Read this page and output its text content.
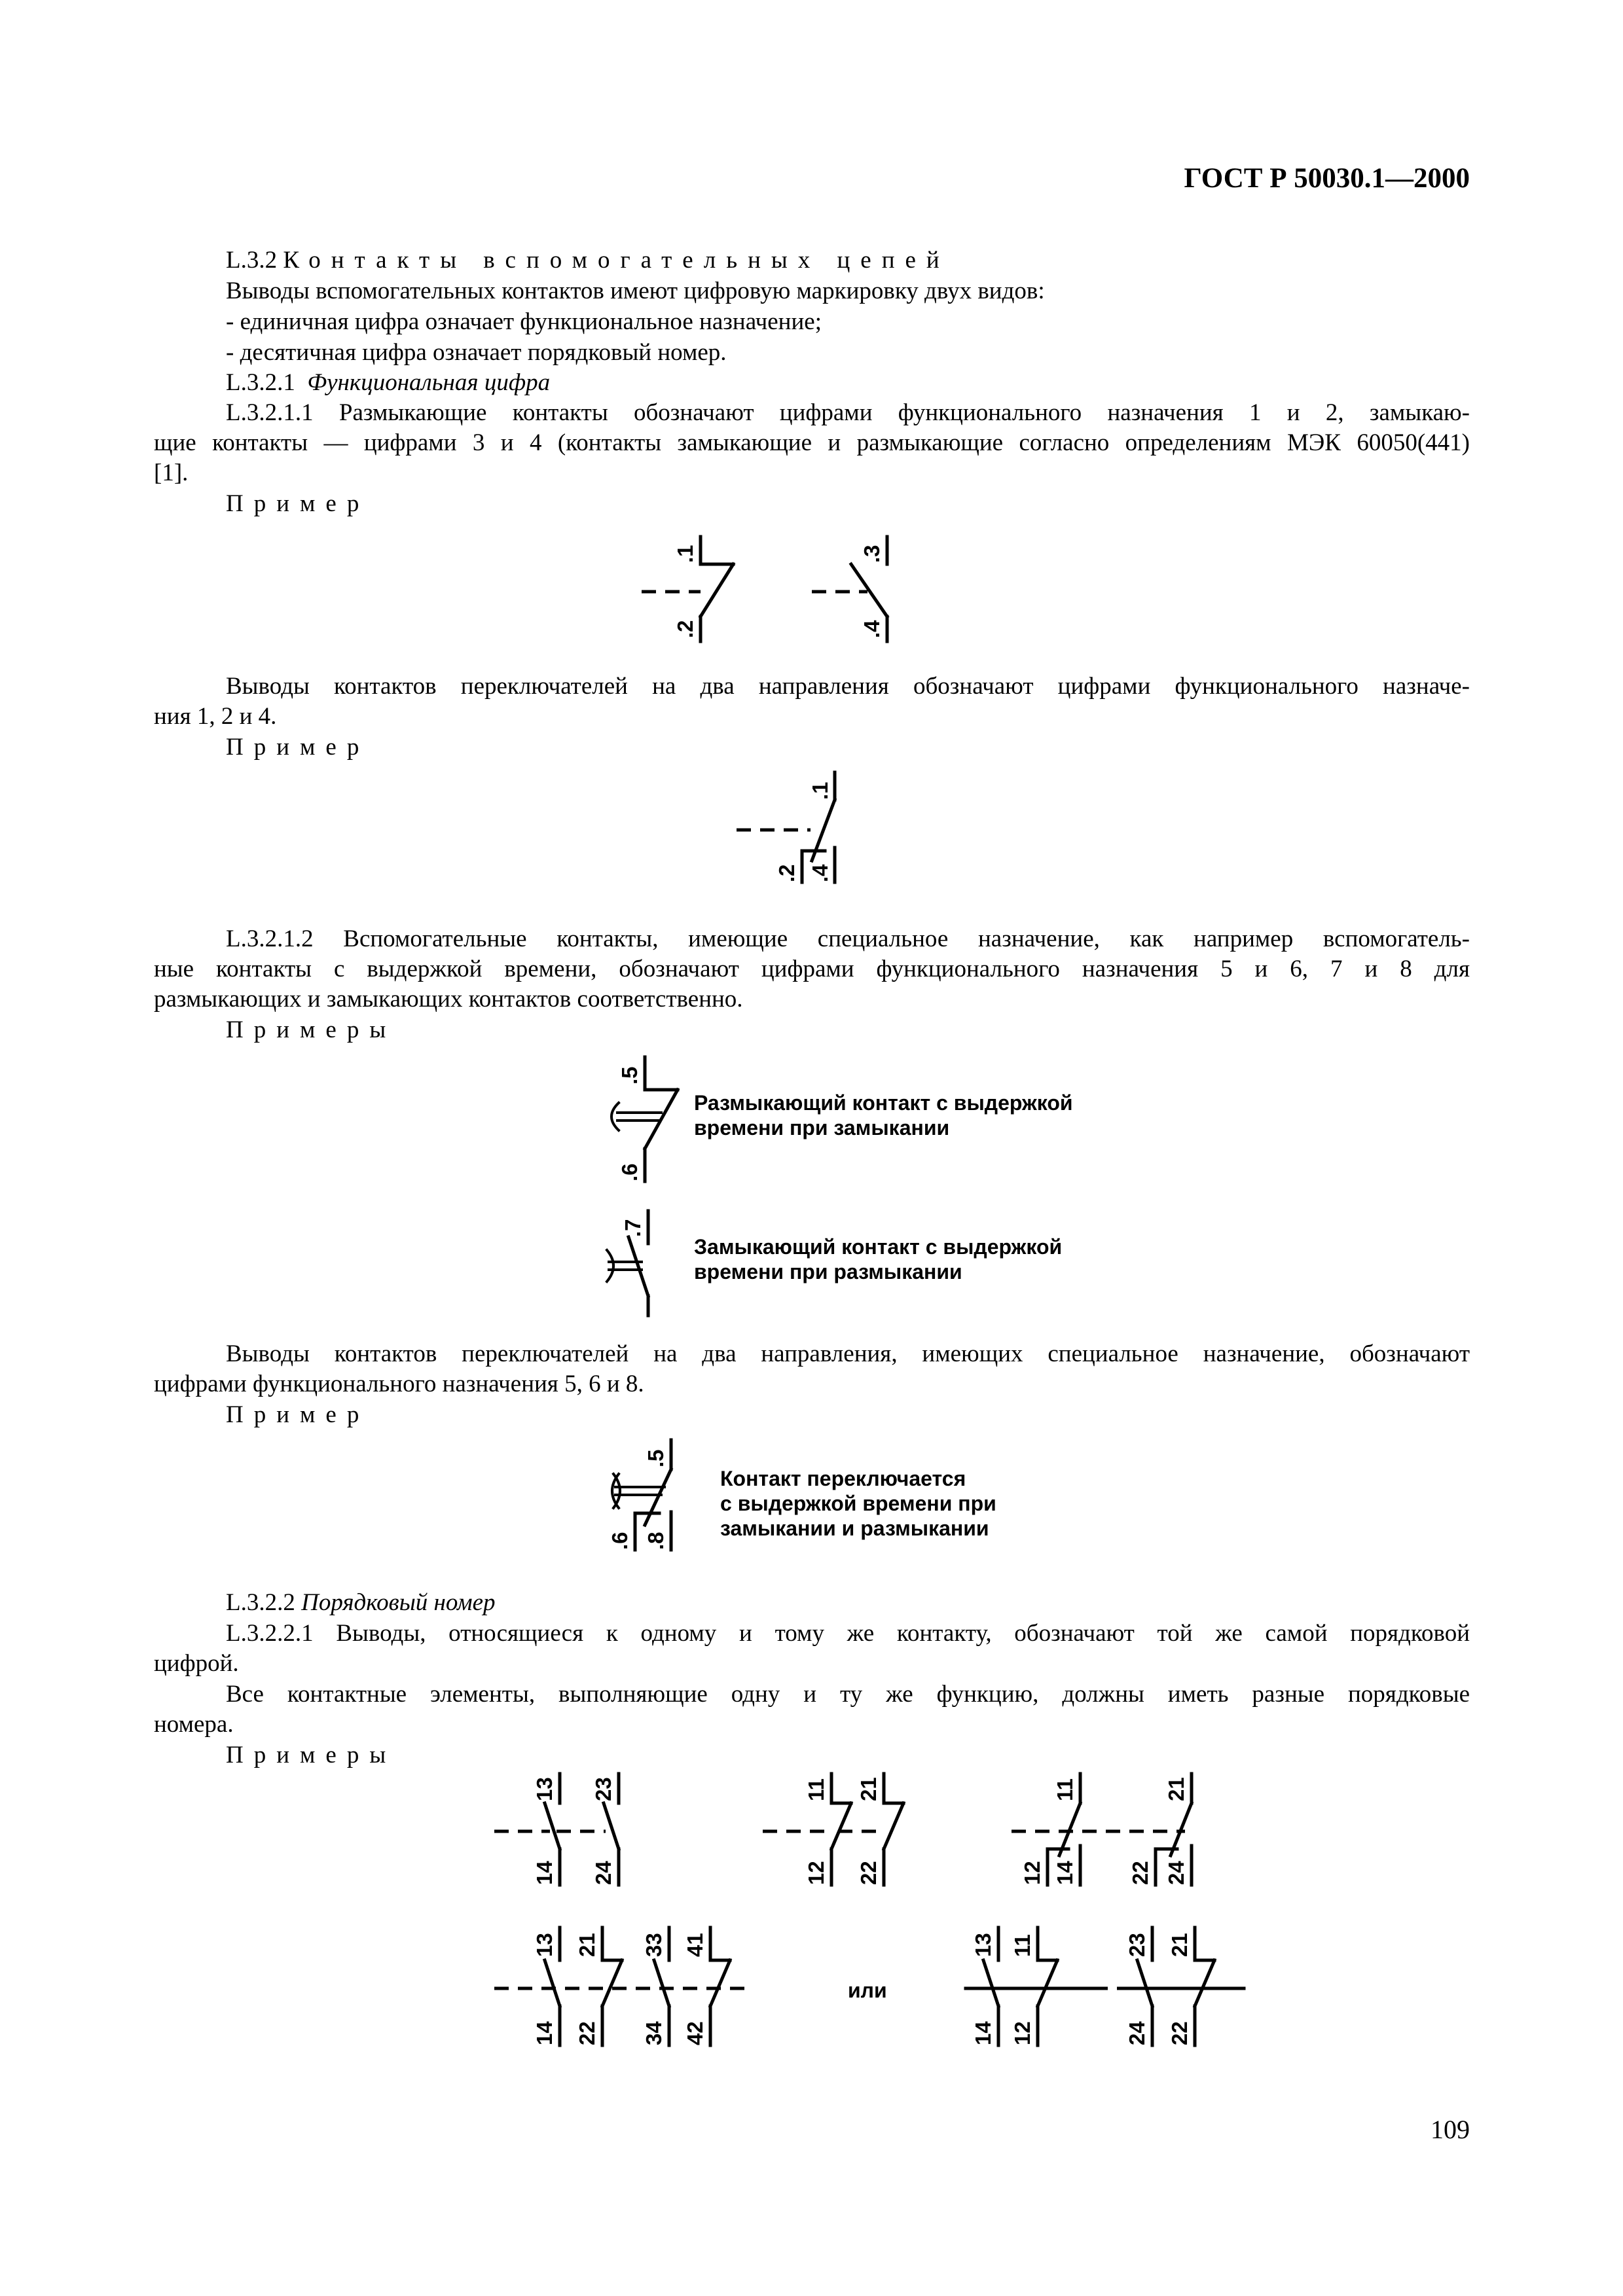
ГОСТ Р 50030.1—2000
L.3.2 Контакты вспомогательных цепей
Выводы вспомогательных контактов имеют цифровую маркировку двух видов:
- единичная цифра означает функциональное назначение;
- десятичная цифра означает порядковый номер.
L.3.2.1 Функциональная цифра
L.3.2.1.1 Размыкающие контакты обозначают цифрами функционального назначения 1 и 2, замыкаю-
щие контакты — цифрами 3 и 4 (контакты замыкающие и размыкающие согласно определениям МЭК 60050(441)
[1].
Пример
.1
.2
.3
.4
Выводы контактов переключателей на два направления обозначают цифрами функционального назначе-
ния 1, 2 и 4.
Пример
.1
.2 .4
L.3.2.1.2 Вспомогательные контакты, имеющие специальное назначение, как например вспомогатель-
ные контакты с выдержкой времени, обозначают цифрами функционального назначения 5 и 6, 7 и 8 для
размыкающих и замыкающих контактов соответственно.
Примеры
.5
.6
Размыкающий контакт с выдержкой
времени при замыкании
.7
Замыкающий контакт с выдержкой
времени при размыкании
Выводы контактов переключателей на два направления, имеющих специальное назначение, обозначают
цифрами функционального назначения 5, 6 и 8.
Пример
.5
.6 .8
Контакт переключается
с выдержкой времени при
замыкании и размыкании
L.3.2.2 Порядковый номер
L.3.2.2.1 Выводы, относящиеся к одному и тому же контакту, обозначают той же самой порядковой
цифрой.
Все контактные элементы, выполняющие одну и ту же функцию, должны иметь разные порядковые
номера.
Примеры
13
14
23
24
11
12
21
22
11
12 14
21
22 24
13
14
21
22
33
34
41
42
или
13
14
11
12
23
24
21
22
109
